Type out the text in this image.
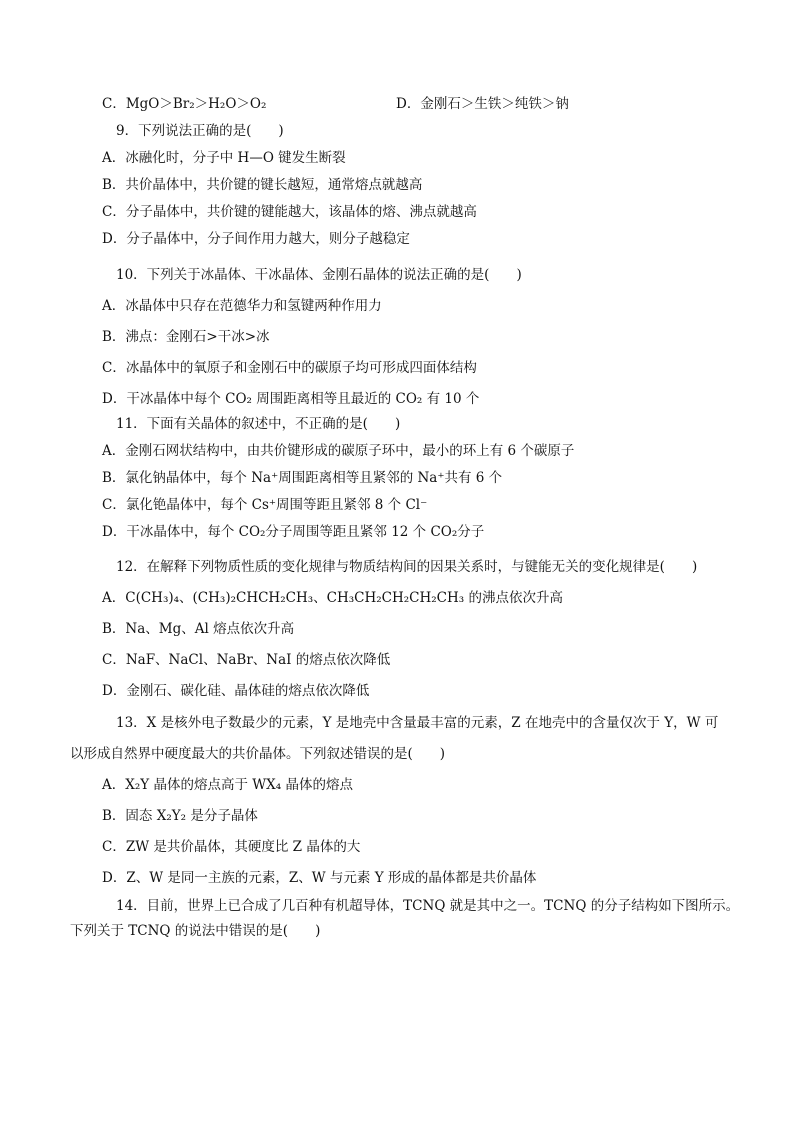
C．MgO＞Br₂＞H₂O＞O₂	D．金刚石＞生铁＞纯铁＞钠
9．下列说法正确的是(　　)
A．冰融化时，分子中 H—O 键发生断裂
B．共价晶体中，共价键的键长越短，通常熔点就越高
C．分子晶体中，共价键的键能越大，该晶体的熔、沸点就越高
D．分子晶体中，分子间作用力越大，则分子越稳定
10．下列关于冰晶体、干冰晶体、金刚石晶体的说法正确的是(　　)
A．冰晶体中只存在范德华力和氢键两种作用力
B．沸点：金刚石>干冰>冰
C．冰晶体中的氧原子和金刚石中的碳原子均可形成四面体结构
D．干冰晶体中每个 CO₂ 周围距离相等且最近的 CO₂ 有 10 个
11．下面有关晶体的叙述中，不正确的是(　　)
A．金刚石网状结构中，由共价键形成的碳原子环中，最小的环上有 6 个碳原子
B．氯化钠晶体中，每个 Na⁺周围距离相等且紧邻的 Na⁺共有 6 个
C．氯化铯晶体中，每个 Cs⁺周围等距且紧邻 8 个 Cl⁻
D．干冰晶体中，每个 CO₂分子周围等距且紧邻 12 个 CO₂分子
12．在解释下列物质性质的变化规律与物质结构间的因果关系时，与键能无关的变化规律是(　　)
A．C(CH₃)₄、(CH₃)₂CHCH₂CH₃、CH₃CH₂CH₂CH₂CH₃ 的沸点依次升高
B．Na、Mg、Al 熔点依次升高
C．NaF、NaCl、NaBr、NaI 的熔点依次降低
D．金刚石、碳化硅、晶体硅的熔点依次降低
13．X 是核外电子数最少的元素，Y 是地壳中含量最丰富的元素，Z 在地壳中的含量仅次于 Y，W 可
以形成自然界中硬度最大的共价晶体。下列叙述错误的是(　　)
A．X₂Y 晶体的熔点高于 WX₄ 晶体的熔点
B．固态 X₂Y₂ 是分子晶体
C．ZW 是共价晶体，其硬度比 Z 晶体的大
D．Z、W 是同一主族的元素，Z、W 与元素 Y 形成的晶体都是共价晶体
14．目前，世界上已合成了几百种有机超导体，TCNQ 就是其中之一。TCNQ 的分子结构如下图所示。
下列关于 TCNQ 的说法中错误的是(　　)
